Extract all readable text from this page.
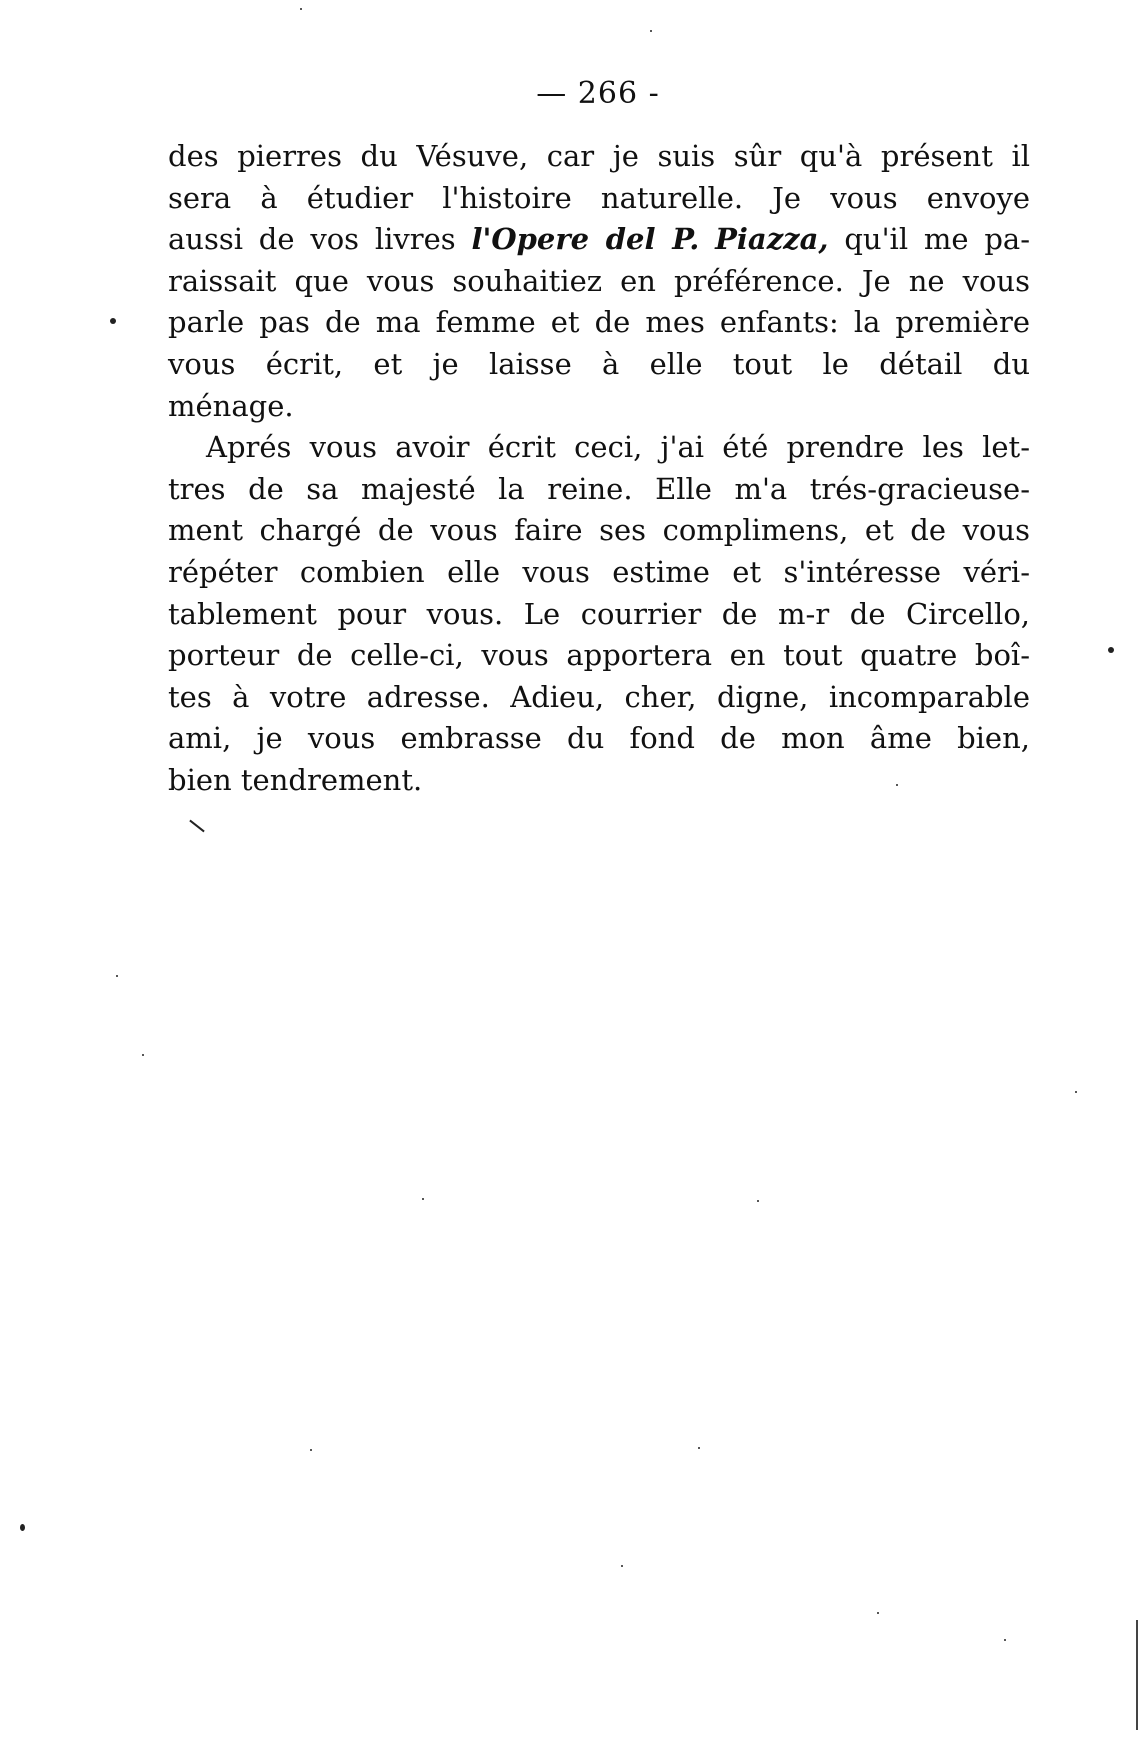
— 266 -
des pierres du Vésuve, car je suis sûr qu'à présent il
sera à étudier l'histoire naturelle. Je vous envoye
aussi de vos livres l'Opere del P. Piazza, qu'il me pa-
raissait que vous souhaitiez en préférence. Je ne vous
parle pas de ma femme et de mes enfants: la première
vous écrit, et je laisse à elle tout le détail du
ménage.
Aprés vous avoir écrit ceci, j'ai été prendre les let-
tres de sa majesté la reine. Elle m'a trés-gracieuse-
ment chargé de vous faire ses complimens, et de vous
répéter combien elle vous estime et s'intéresse véri-
tablement pour vous. Le courrier de m-r de Circello,
porteur de celle-ci, vous apportera en tout quatre boî-
tes à votre adresse. Adieu, cher, digne, incomparable
ami, je vous embrasse du fond de mon âme bien,
bien tendrement.
